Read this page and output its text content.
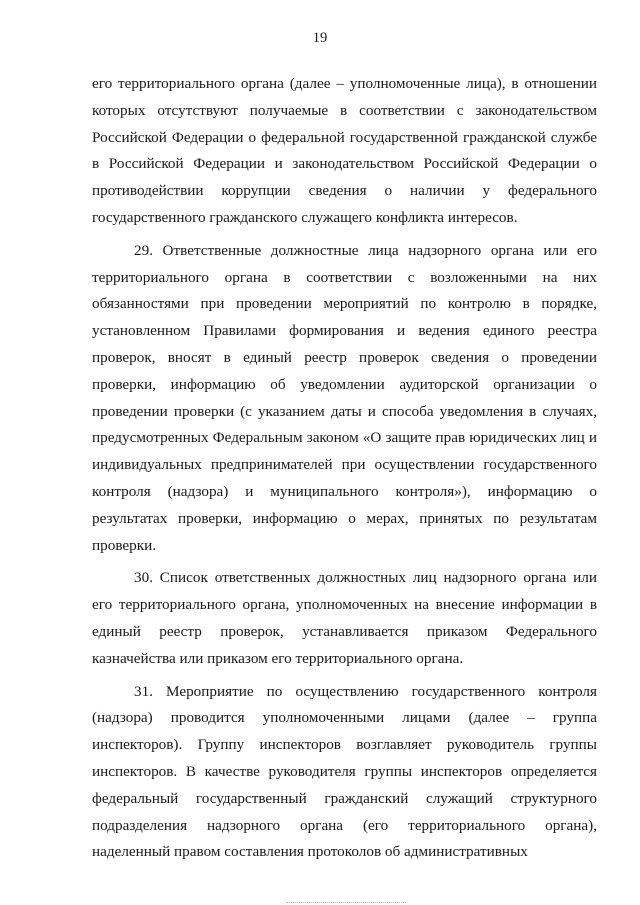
19

его территориального органа (далее – уполномоченные лица), в отношении которых отсутствуют получаемые в соответствии с законодательством Российской Федерации о федеральной государственной гражданской службе в Российской Федерации и законодательством Российской Федерации о противодействии коррупции сведения о наличии у федерального государственного гражданского служащего конфликта интересов.

29. Ответственные должностные лица надзорного органа или его территориального органа в соответствии с возложенными на них обязанностями при проведении мероприятий по контролю в порядке, установленном Правилами формирования и ведения единого реестра проверок, вносят в единый реестр проверок сведения о проведении проверки, информацию об уведомлении аудиторской организации о проведении проверки (с указанием даты и способа уведомления в случаях, предусмотренных Федеральным законом «О защите прав юридических лиц и индивидуальных предпринимателей при осуществлении государственного контроля (надзора) и муниципального контроля»), информацию о результатах проверки, информацию о мерах, принятых по результатам проверки.

30. Список ответственных должностных лиц надзорного органа или его территориального органа, уполномоченных на внесение информации в единый реестр проверок, устанавливается приказом Федерального казначейства или приказом его территориального органа.

31. Мероприятие по осуществлению государственного контроля (надзора) проводится уполномоченными лицами (далее – группа инспекторов). Группу инспекторов возглавляет руководитель группы инспекторов. В качестве руководителя группы инспекторов определяется федеральный государственный гражданский служащий структурного подразделения надзорного органа (его территориального органа), наделенный правом составления протоколов об административных
